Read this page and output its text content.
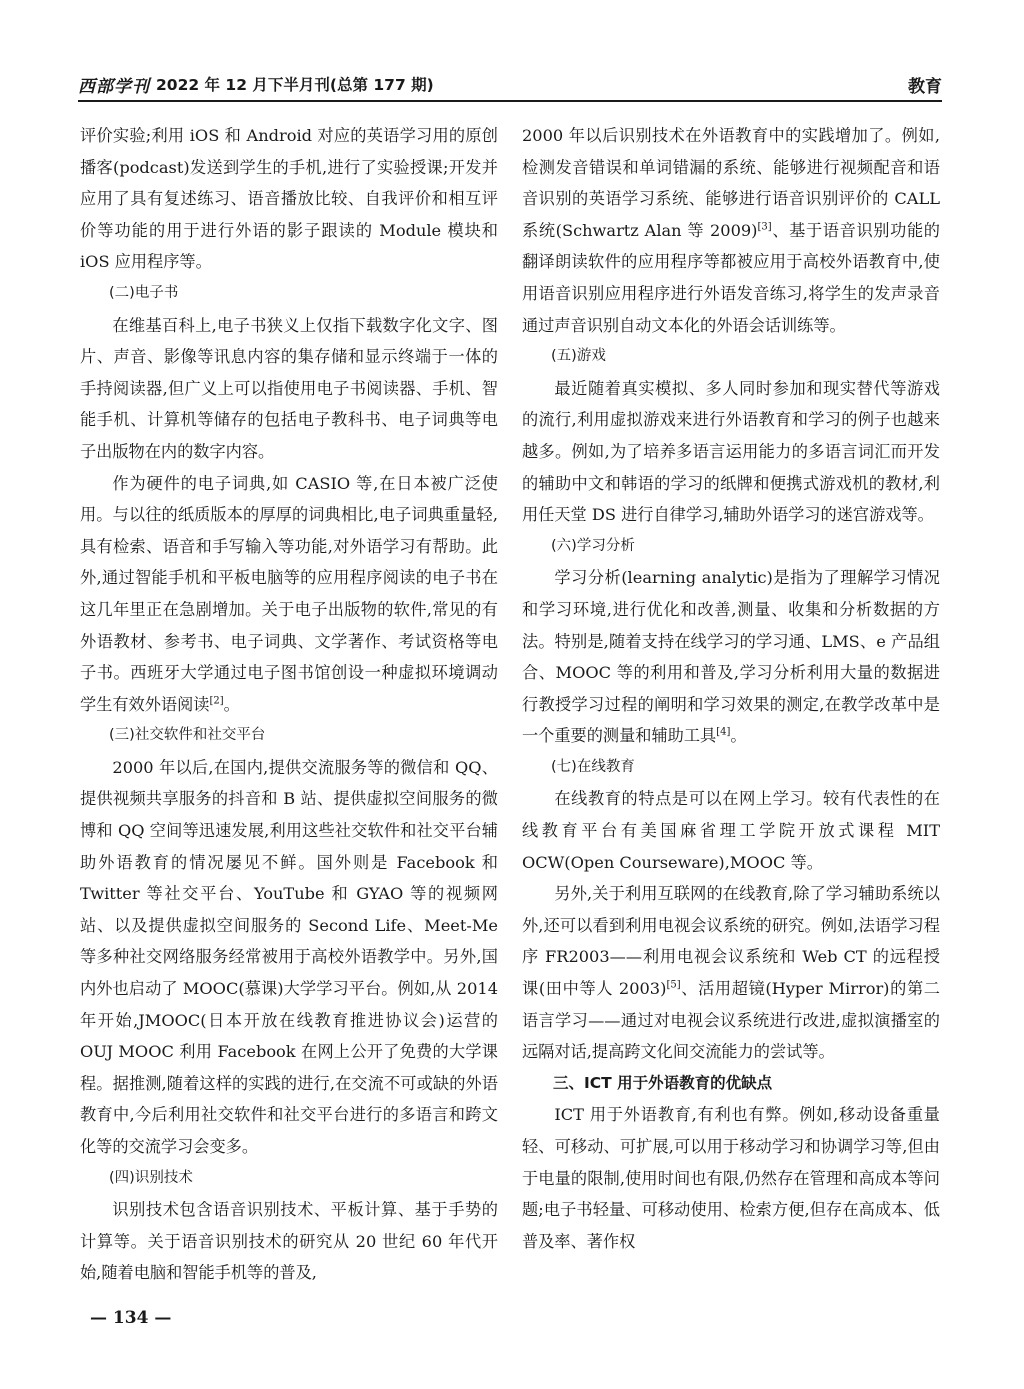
西部学刊 2022 年 12 月下半月刊(总第 177 期)	教育

评价实验;利用 iOS 和 Android 对应的英语学习用的原创播客(podcast)发送到学生的手机,进行了实验授课;开发并应用了具有复述练习、语音播放比较、自我评价和相互评价等功能的用于进行外语的影子跟读的 Module 模块和 iOS 应用程序等。

(二)电子书

在维基百科上,电子书狭义上仅指下载数字化文字、图片、声音、影像等讯息内容的集存储和显示终端于一体的手持阅读器,但广义上可以指使用电子书阅读器、手机、智能手机、计算机等储存的包括电子教科书、电子词典等电子出版物在内的数字内容。

作为硬件的电子词典,如 CASIO 等,在日本被广泛使用。与以往的纸质版本的厚厚的词典相比,电子词典重量轻,具有检索、语音和手写输入等功能,对外语学习有帮助。此外,通过智能手机和平板电脑等的应用程序阅读的电子书在这几年里正在急剧增加。关于电子出版物的软件,常见的有外语教材、参考书、电子词典、文学著作、考试资格等电子书。西班牙大学通过电子图书馆创设一种虚拟环境调动学生有效外语阅读[2]。

(三)社交软件和社交平台

2000 年以后,在国内,提供交流服务等的微信和 QQ、提供视频共享服务的抖音和 B 站、提供虚拟空间服务的微博和 QQ 空间等迅速发展,利用这些社交软件和社交平台辅助外语教育的情况屡见不鲜。国外则是 Facebook 和 Twitter 等社交平台、YouTube 和 GYAO 等的视频网站、以及提供虚拟空间服务的 Second Life、Meet-Me 等多种社交网络服务经常被用于高校外语教学中。另外,国内外也启动了 MOOC(慕课)大学学习平台。例如,从 2014 年开始,JMOOC(日本开放在线教育推进协议会)运营的 OUJ MOOC 利用 Facebook 在网上公开了免费的大学课程。据推测,随着这样的实践的进行,在交流不可或缺的外语教育中,今后利用社交软件和社交平台进行的多语言和跨文化等的交流学习会变多。

(四)识别技术

识别技术包含语音识别技术、平板计算、基于手势的计算等。关于语音识别技术的研究从 20 世纪 60 年代开始,随着电脑和智能手机等的普及,

2000 年以后识别技术在外语教育中的实践增加了。例如,检测发音错误和单词错漏的系统、能够进行视频配音和语音识别的英语学习系统、能够进行语音识别评价的 CALL 系统(Schwartz Alan 等 2009)[3]、基于语音识别功能的翻译朗读软件的应用程序等都被应用于高校外语教育中,使用语音识别应用程序进行外语发音练习,将学生的发声录音通过声音识别自动文本化的外语会话训练等。

(五)游戏

最近随着真实模拟、多人同时参加和现实替代等游戏的流行,利用虚拟游戏来进行外语教育和学习的例子也越来越多。例如,为了培养多语言运用能力的多语言词汇而开发的辅助中文和韩语的学习的纸牌和便携式游戏机的教材,利用任天堂 DS 进行自律学习,辅助外语学习的迷宫游戏等。

(六)学习分析

学习分析(learning analytic)是指为了理解学习情况和学习环境,进行优化和改善,测量、收集和分析数据的方法。特别是,随着支持在线学习的学习通、LMS、e 产品组合、MOOC 等的利用和普及,学习分析利用大量的数据进行教授学习过程的阐明和学习效果的测定,在教学改革中是一个重要的测量和辅助工具[4]。

(七)在线教育

在线教育的特点是可以在网上学习。较有代表性的在线教育平台有美国麻省理工学院开放式课程 MIT OCW(Open Courseware),MOOC 等。

另外,关于利用互联网的在线教育,除了学习辅助系统以外,还可以看到利用电视会议系统的研究。例如,法语学习程序 FR2003——利用电视会议系统和 Web CT 的远程授课(田中等人 2003)[5]、活用超镜(Hyper Mirror)的第二语言学习——通过对电视会议系统进行改进,虚拟演播室的远隔对话,提高跨文化间交流能力的尝试等。

三、ICT 用于外语教育的优缺点

ICT 用于外语教育,有利也有弊。例如,移动设备重量轻、可移动、可扩展,可以用于移动学习和协调学习等,但由于电量的限制,使用时间也有限,仍然存在管理和高成本等问题;电子书轻量、可移动使用、检索方便,但存在高成本、低普及率、著作权

— 134 —
